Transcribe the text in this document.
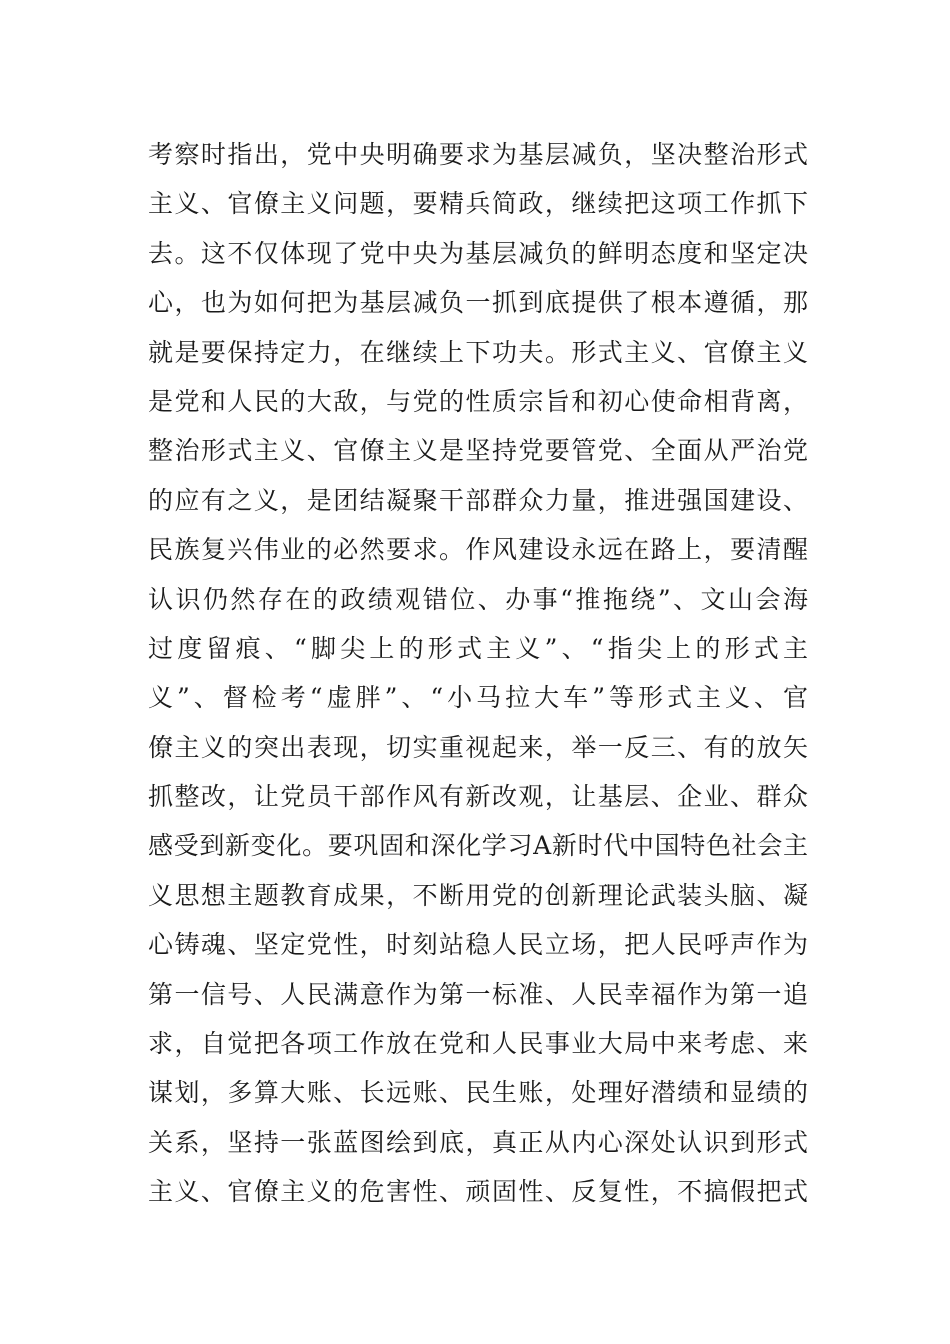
考察时指出，党中央明确要求为基层减负，坚决整治形式
主义、官僚主义问题，要精兵简政，继续把这项工作抓下
去。这不仅体现了党中央为基层减负的鲜明态度和坚定决
心，也为如何把为基层减负一抓到底提供了根本遵循，那
就是要保持定力，在继续上下功夫。形式主义、官僚主义
是党和人民的大敌，与党的性质宗旨和初心使命相背离，
整治形式主义、官僚主义是坚持党要管党、全面从严治党
的应有之义，是团结凝聚干部群众力量，推进强国建设、
民族复兴伟业的必然要求。作风建设永远在路上，要清醒
认识仍然存在的政绩观错位、办事“推拖绕”、文山会海
过度留痕、“脚尖上的形式主义”、“指尖上的形式主
义”、督检考“虚胖”、“小马拉大车”等形式主义、官
僚主义的突出表现，切实重视起来，举一反三、有的放矢
抓整改，让党员干部作风有新改观，让基层、企业、群众
感受到新变化。要巩固和深化学习A新时代中国特色社会主
义思想主题教育成果，不断用党的创新理论武装头脑、凝
心铸魂、坚定党性，时刻站稳人民立场，把人民呼声作为
第一信号、人民满意作为第一标准、人民幸福作为第一追
求，自觉把各项工作放在党和人民事业大局中来考虑、来
谋划，多算大账、长远账、民生账，处理好潜绩和显绩的
关系，坚持一张蓝图绘到底，真正从内心深处认识到形式
主义、官僚主义的危害性、顽固性、反复性，不搞假把式
